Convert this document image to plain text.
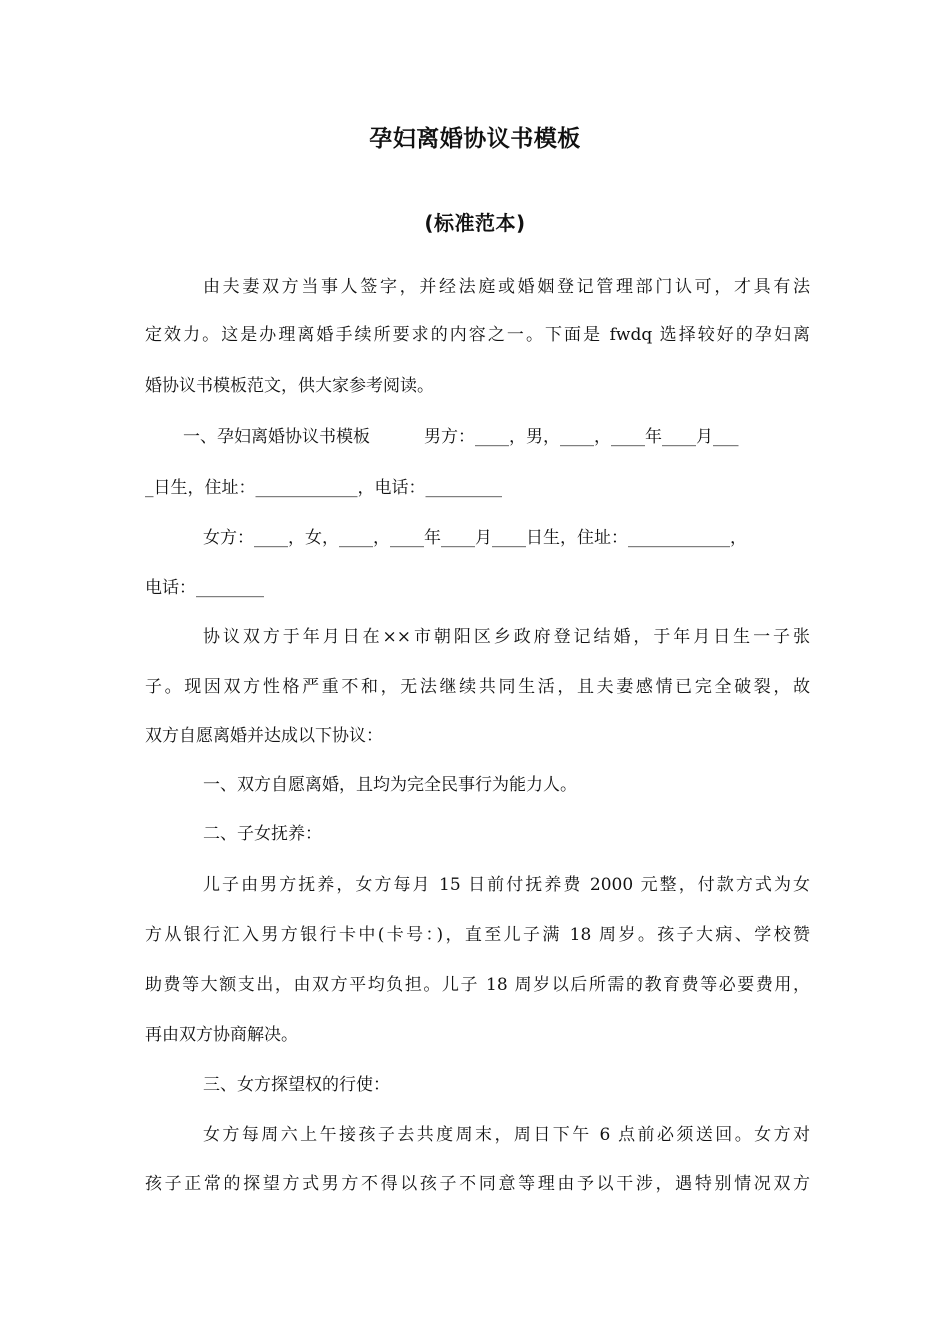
孕妇离婚协议书模板
(标准范本)
由夫妻双方当事人签字，并经法庭或婚姻登记管理部门认可，才具有法
定效力。这是办理离婚手续所要求的内容之一。下面是 fwdq 选择较好的孕妇离
婚协议书模板范文，供大家参考阅读。
一、孕妇离婚协议书模板          男方：____，男，____，____年____月___
_日生，住址：____________，电话：_________
女方：____，女，____，____年____月____日生，住址：____________，
电话：________
协议双方于年月日在××市朝阳区乡政府登记结婚，于年月日生一子张
子。现因双方性格严重不和，无法继续共同生活，且夫妻感情已完全破裂，故
双方自愿离婚并达成以下协议：
一、双方自愿离婚，且均为完全民事行为能力人。
二、子女抚养：
儿子由男方抚养，女方每月 15 日前付抚养费 2000 元整，付款方式为女
方从银行汇入男方银行卡中(卡号：)，直至儿子满 18 周岁。孩子大病、学校赞
助费等大额支出，由双方平均负担。儿子 18 周岁以后所需的教育费等必要费用，
再由双方协商解决。
三、女方探望权的行使：
女方每周六上午接孩子去共度周末，周日下午 6 点前必须送回。女方对
孩子正常的探望方式男方不得以孩子不同意等理由予以干涉，遇特别情况双方
